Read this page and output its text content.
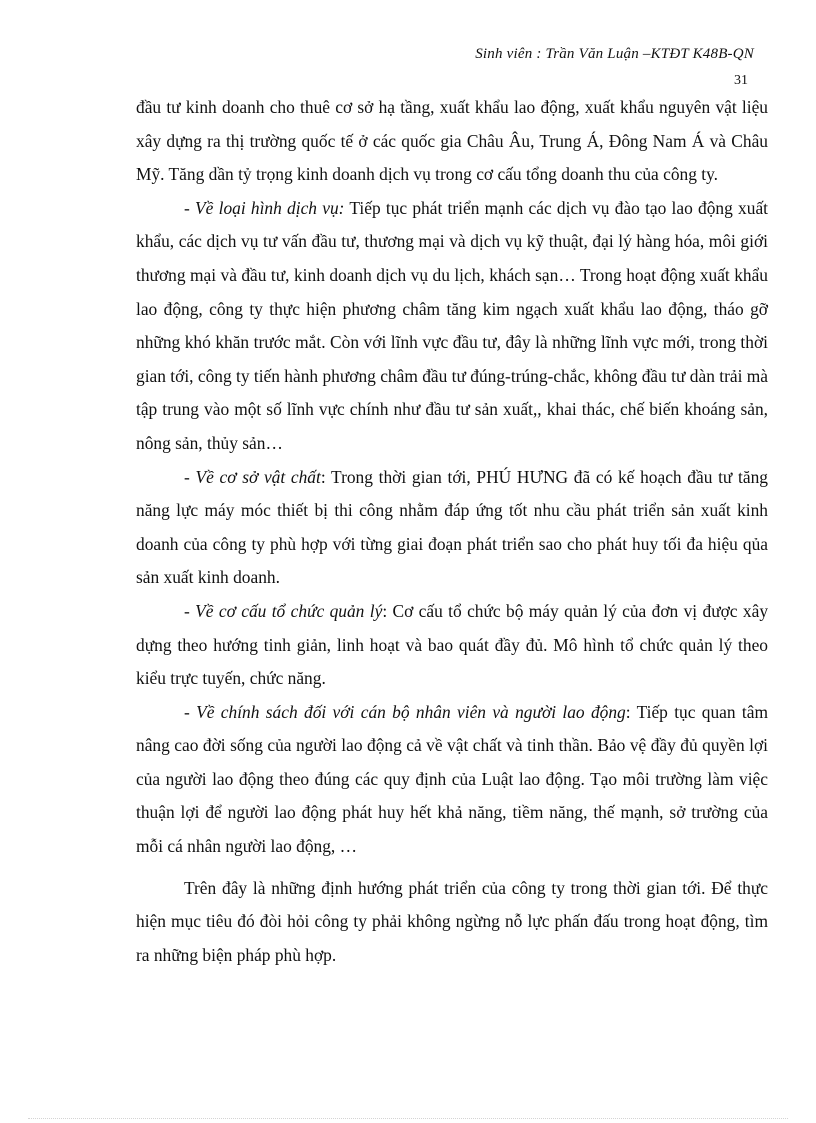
Sinh viên : Trần Văn Luận –KTĐT K48B-QN
31

đầu tư kinh doanh cho thuê cơ sở hạ tầng, xuất khẩu lao động, xuất khẩu nguyên vật liệu xây dựng ra thị trường quốc tế ở các quốc gia Châu Âu, Trung Á, Đông Nam Á và Châu Mỹ. Tăng dần tỷ trọng kinh doanh dịch vụ trong cơ cấu tổng doanh thu của công ty.

- Về loại hình dịch vụ: Tiếp tục phát triển mạnh các dịch vụ đào tạo lao động xuất khẩu, các dịch vụ tư vấn đầu tư, thương mại và dịch vụ kỹ thuật, đại lý hàng hóa, môi giới thương mại và đầu tư, kinh doanh dịch vụ du lịch, khách sạn… Trong hoạt động xuất khẩu lao động, công ty thực hiện phương châm tăng kim ngạch xuất khẩu lao động, tháo gỡ những khó khăn trước mắt. Còn với lĩnh vực đầu tư, đây là những lĩnh vực mới, trong thời gian tới, công ty tiến hành phương châm đầu tư đúng-trúng-chắc, không đầu tư dàn trải mà tập trung vào một số lĩnh vực chính như đầu tư sản xuất,, khai thác, chế biến khoáng sản, nông sản, thủy sản…

- Về cơ sở vật chất: Trong thời gian tới, PHÚ HƯNG đã có kế hoạch đầu tư tăng năng lực máy móc thiết bị thi công nhằm đáp ứng tốt nhu cầu phát triển sản xuất kinh doanh của công ty phù hợp với từng giai đoạn phát triển sao cho phát huy tối đa hiệu qủa sản xuất kinh doanh.

- Về cơ cấu tổ chức quản lý: Cơ cấu tổ chức bộ máy quản lý của đơn vị được xây dựng theo hướng tinh giản, linh hoạt và bao quát đầy đủ. Mô hình tổ chức quản lý theo kiểu trực tuyến, chức năng.

- Về chính sách đối với cán bộ nhân viên và người lao động: Tiếp tục quan tâm nâng cao đời sống của người lao động cả về vật chất và tinh thần. Bảo vệ đầy đủ quyền lợi của người lao động theo đúng các quy định của Luật lao động. Tạo môi trường làm việc thuận lợi để người lao động phát huy hết khả năng, tiềm năng, thế mạnh, sở trường của mỗi cá nhân người lao động, …

Trên đây là những định hướng phát triển của công ty trong thời gian tới. Để thực hiện mục tiêu đó đòi hỏi công ty phải không ngừng nỗ lực phấn đấu trong hoạt động, tìm ra những biện pháp phù hợp.
